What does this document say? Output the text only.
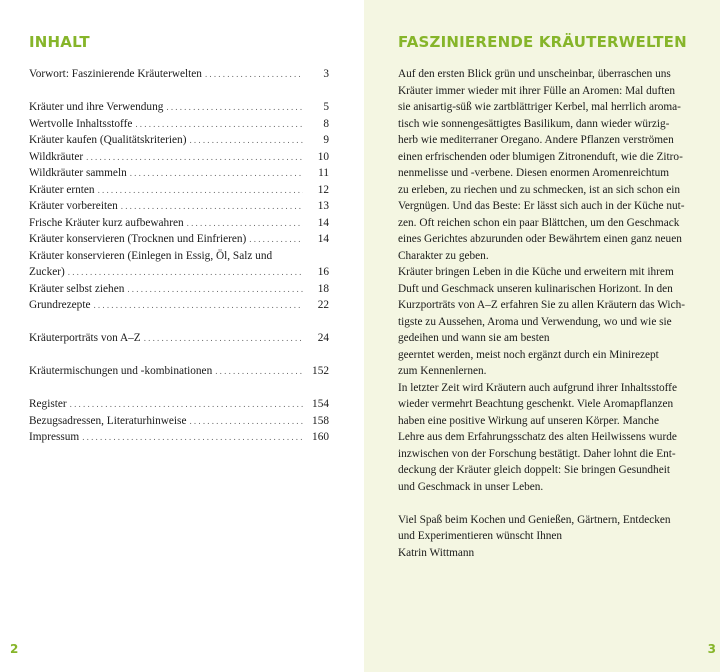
INHALT
Vorwort: Faszinierende Kräuterwelten .....	3
Kräuter und ihre Verwendung .....	5
Wertvolle Inhaltsstoffe .....	8
Kräuter kaufen (Qualitätskriterien) .....	9
Wildkräuter .....	10
Wildkräuter sammeln .....	11
Kräuter ernten .....	12
Kräuter vorbereiten .....	13
Frische Kräuter kurz aufbewahren .....	14
Kräuter konservieren (Trocknen und Einfrieren) .....	14
Kräuter konservieren (Einlegen in Essig, Öl, Salz und
Zucker) .....	16
Kräuter selbst ziehen .....	18
Grundrezepte .....	22
Kräuterporträts von A–Z .....	24
Kräutermischungen und -kombinationen .....	152
Register .....	154
Bezugsadressen, Literaturhinweise .....	158
Impressum .....	160
2
FASZINIERENDE KRÄUTERWELTEN

Auf den ersten Blick grün und unscheinbar, überraschen uns

Kräuter immer wieder mit ihrer Fülle an Aromen: Mal duften

sie anisartig-süß wie zartblättriger Kerbel, mal herrlich aroma-

tisch wie sonnengesättigtes Basilikum, dann wieder würzig-

herb wie mediterraner Oregano. Andere Pflanzen verströmen

einen erfrischenden oder blumigen Zitronenduft, wie die Zitro-

nenmelisse und -verbene. Diesen enormen Aromenreichtum

zu erleben, zu riechen und zu schmecken, ist an sich schon ein

Vergnügen. Und das Beste: Er lässt sich auch in der Küche nut-

zen. Oft reichen schon ein paar Blättchen, um den Geschmack

eines Gerichtes abzurunden oder Bewährtem einen ganz neuen

Charakter zu geben.

Kräuter bringen Leben in die Küche und erweitern mit ihrem

Duft und Geschmack unseren kulinarischen Horizont. In den

Kurzporträts von A–Z erfahren Sie zu allen Kräutern das Wich-

tigste zu Aussehen, Aroma und Verwendung, wo und wie sie

gedeihen und wann sie am besten

geerntet werden, meist noch ergänzt durch ein Minirezept

zum Kennenlernen.

In letzter Zeit wird Kräutern auch aufgrund ihrer Inhaltsstoffe

wieder vermehrt Beachtung geschenkt. Viele Aromapflanzen

haben eine positive Wirkung auf unseren Körper. Manche

Lehre aus dem Erfahrungsschatz des alten Heilwissens wurde

inzwischen von der Forschung bestätigt. Daher lohnt die Ent-

deckung der Kräuter gleich doppelt: Sie bringen Gesundheit

und Geschmack in unser Leben.

Viel Spaß beim Kochen und Genießen, Gärtnern, Entdecken

und Experimentieren wünscht Ihnen

Katrin Wittmann

3
